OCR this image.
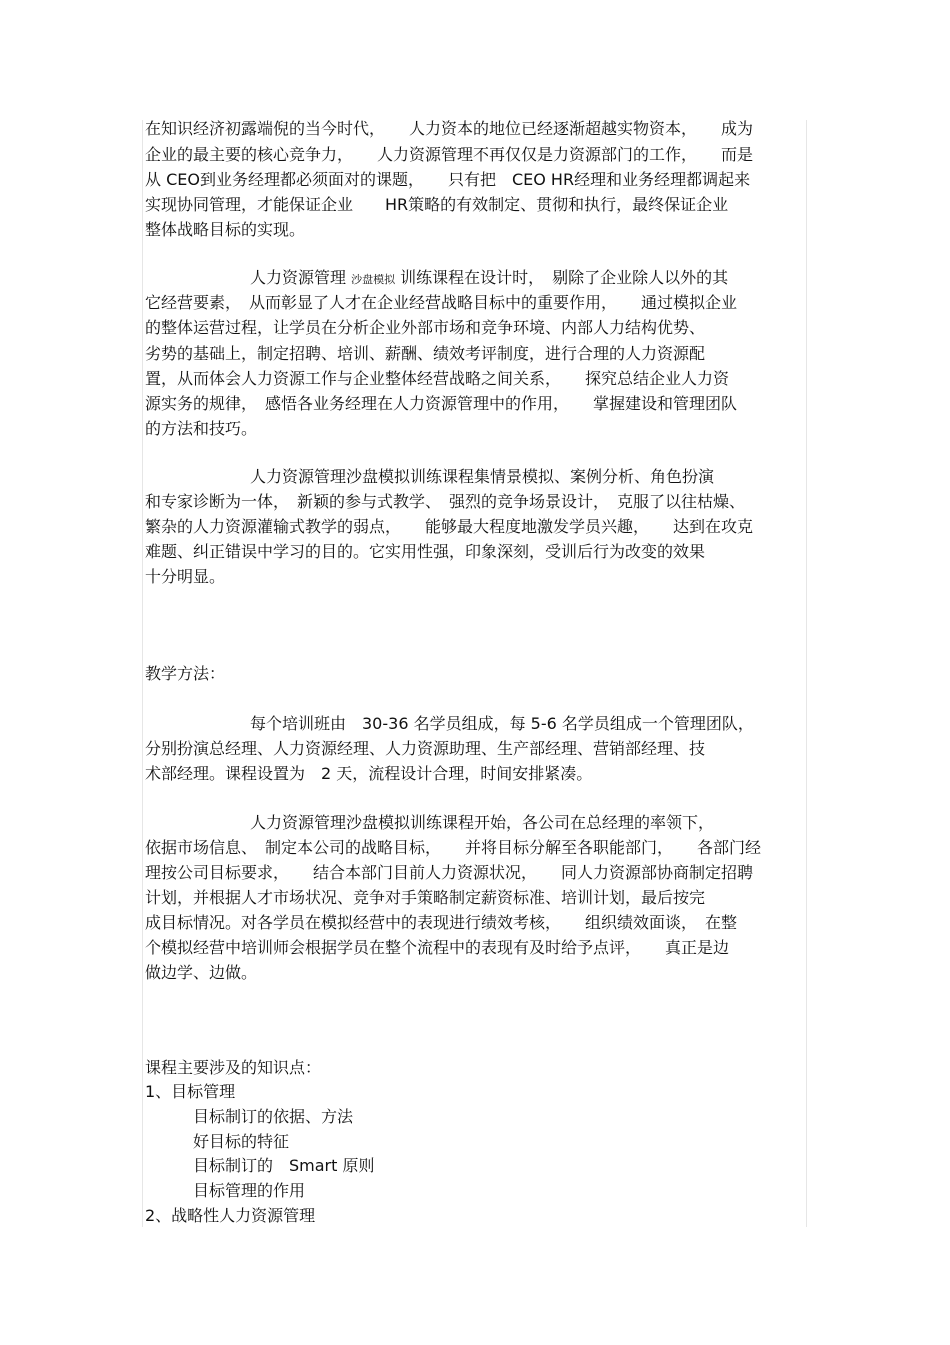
在知识经济初露端倪的当今时代，　　人力资本的地位已经逐渐超越实物资本，　　成为

企业的最主要的核心竞争力，　　人力资源管理不再仅仅是力资源部门的工作，　　而是

从 CEO到业务经理都必须面对的课题，　　只有把　CEO HR经理和业务经理都调起来

实现协同管理，才能保证企业　　HR策略的有效制定、贯彻和执行，最终保证企业

整体战略目标的实现。

人力资源管理 沙盘模拟 训练课程在设计时，　剔除了企业除人以外的其

它经营要素，　从而彰显了人才在企业经营战略目标中的重要作用，　　通过模拟企业

的整体运营过程，让学员在分析企业外部市场和竞争环境、内部人力结构优势、

劣势的基础上，制定招聘、培训、薪酬、绩效考评制度，进行合理的人力资源配

置，从而体会人力资源工作与企业整体经营战略之间关系，　　探究总结企业人力资

源实务的规律，　感悟各业务经理在人力资源管理中的作用，　　掌握建设和管理团队

的方法和技巧。

人力资源管理沙盘模拟训练课程集情景模拟、案例分析、角色扮演

和专家诊断为一体，　新颖的参与式教学、　强烈的竞争场景设计，　克服了以往枯燥、

繁杂的人力资源灌输式教学的弱点，　　能够最大程度地激发学员兴趣，　　达到在攻克

难题、纠正错误中学习的目的。它实用性强，印象深刻，受训后行为改变的效果

十分明显。

教学方法：

每个培训班由　30-36 名学员组成，每 5-6 名学员组成一个管理团队，

分别扮演总经理、人力资源经理、人力资源助理、生产部经理、营销部经理、技

术部经理。课程设置为　2 天，流程设计合理，时间安排紧凑。

人力资源管理沙盘模拟训练课程开始，各公司在总经理的率领下，

依据市场信息、　制定本公司的战略目标，　　并将目标分解至各职能部门，　　各部门经

理按公司目标要求，　　结合本部门目前人力资源状况，　　同人力资源部协商制定招聘

计划，并根据人才市场状况、竞争对手策略制定薪资标准、培训计划，最后按完

成目标情况。对各学员在模拟经营中的表现进行绩效考核，　　组织绩效面谈，　在整

个模拟经营中培训师会根据学员在整个流程中的表现有及时给予点评，　　真正是边

做边学、边做。

课程主要涉及的知识点：

1、目标管理

目标制订的依据、方法

好目标的特征

目标制订的　Smart 原则

目标管理的作用

2、战略性人力资源管理
